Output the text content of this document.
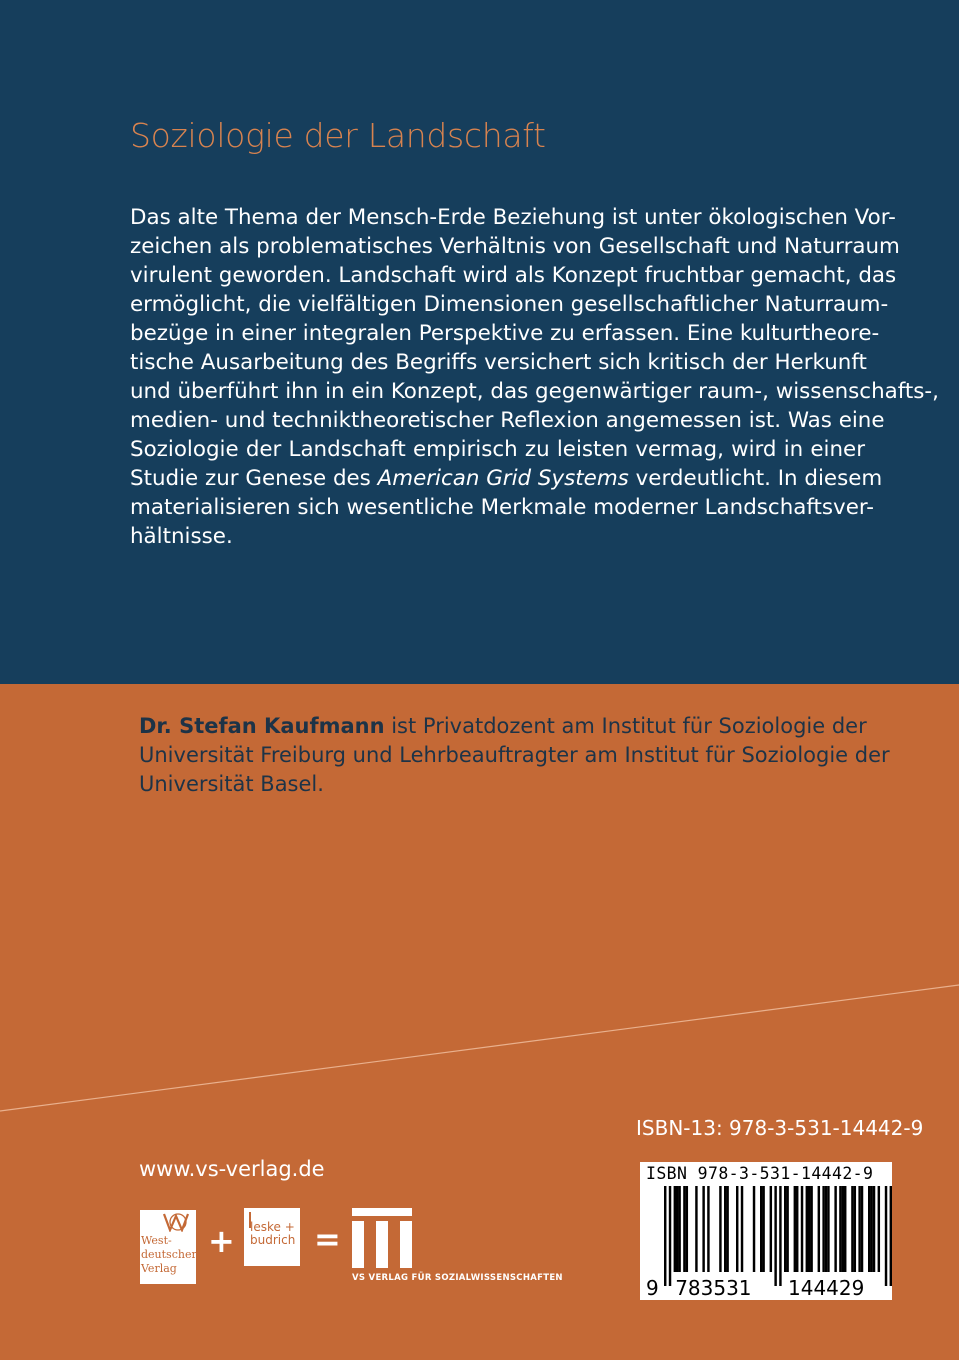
Soziologie der Landschaft
Das alte Thema der Mensch-Erde Beziehung ist unter ökologischen Vor-
zeichen als problematisches Verhältnis von Gesellschaft und Naturraum
virulent geworden. Landschaft wird als Konzept fruchtbar gemacht, das
ermöglicht, die vielfältigen Dimensionen gesellschaftlicher Naturraum-
bezüge in einer integralen Perspektive zu erfassen. Eine kulturtheore-
tische Ausarbeitung des Begriffs versichert sich kritisch der Herkunft
und überführt ihn in ein Konzept, das gegenwärtiger raum-, wissenschafts-,
medien- und techniktheoretischer Reflexion angemessen ist. Was eine
Soziologie der Landschaft empirisch zu leisten vermag, wird in einer
Studie zur Genese des American Grid Systems verdeutlicht. In diesem
materialisieren sich wesentliche Merkmale moderner Landschaftsver-
hältnisse.
Dr. Stefan Kaufmann ist Privatdozent am Institut für Soziologie der
Universität Freiburg und Lehrbeauftragter am Institut für Soziologie der
Universität Basel.
ISBN-13: 978-3-531-14442-9
www.vs-verlag.de
West-
deutscher
Verlag
+ leske +
budrich =
VS VERLAG FÜR SOZIALWISSENSCHAFTEN
ISBN 978-3-531-14442-9
9 783531 144429
